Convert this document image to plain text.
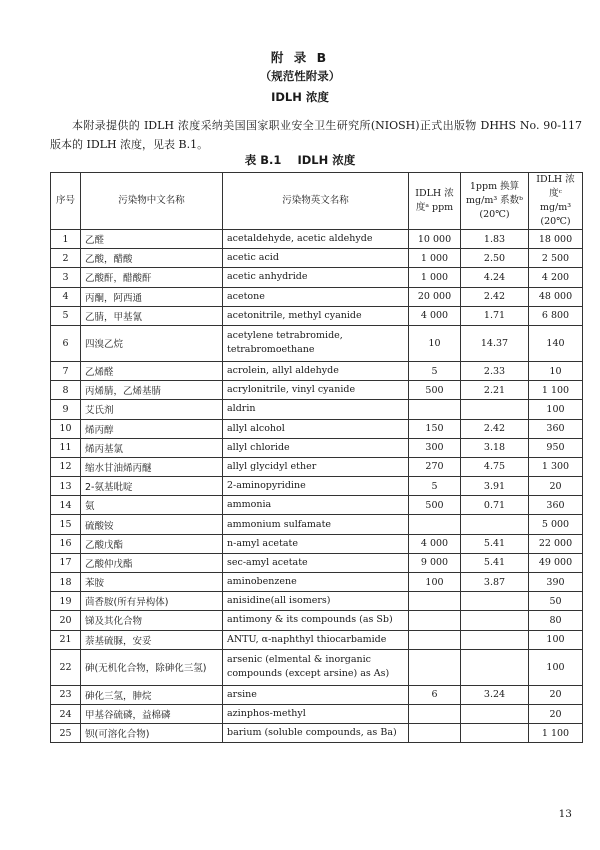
附 录 B
（规范性附录）
IDLH 浓度

本附录提供的 IDLH 浓度采纳美国国家职业安全卫生研究所(NIOSH)正式出版物 DHHS No. 90-117 版本的 IDLH 浓度，见表 B.1。

表 B.1 IDLH 浓度
序号	污染物中文名称	污染物英文名称	IDLH 浓度ᵃ ppm	1ppm 换算 mg/m³ 系数ᵇ (20℃)	IDLH 浓度ᶜ mg/m³ (20℃)
1	乙醛	acetaldehyde, acetic aldehyde	10 000	1.83	18 000
2	乙酸，醋酸	acetic acid	1 000	2.50	2 500
3	乙酸酐，醋酸酐	acetic anhydride	1 000	4.24	4 200
4	丙酮，阿西通	acetone	20 000	2.42	48 000
5	乙腈，甲基氰	acetonitrile, methyl cyanide	4 000	1.71	6 800
6	四溴乙烷	acetylene tetrabromide, tetrabromoethane	10	14.37	140
7	乙烯醛	acrolein, allyl aldehyde	5	2.33	10
8	丙烯腈，乙烯基腈	acrylonitrile, vinyl cyanide	500	2.21	1 100
9	艾氏剂	aldrin			100
10	烯丙醇	allyl alcohol	150	2.42	360
11	烯丙基氯	allyl chloride	300	3.18	950
12	缩水甘油烯丙醚	allyl glycidyl ether	270	4.75	1 300
13	2-氨基吡啶	2-aminopyridine	5	3.91	20
14	氨	ammonia	500	0.71	360
15	硫酸铵	ammonium sulfamate			5 000
16	乙酸戊酯	n-amyl acetate	4 000	5.41	22 000
17	乙酸仲戊酯	sec-amyl acetate	9 000	5.41	49 000
18	苯胺	aminobenzene	100	3.87	390
19	茴香胺(所有异构体)	anisidine(all isomers)			50
20	锑及其化合物	antimony & its compounds (as Sb)			80
21	萘基硫脲，安妥	ANTU, α-naphthyl thiocarbamide			100
22	砷(无机化合物，除砷化三氢)	arsenic (elmental & inorganic compounds (except arsine) as As)			100
23	砷化三氢，胂烷	arsine	6	3.24	20
24	甲基谷硫磷，益棉磷	azinphos-methyl			20
25	钡(可溶化合物)	barium (soluble compounds, as Ba)			1 100
13
